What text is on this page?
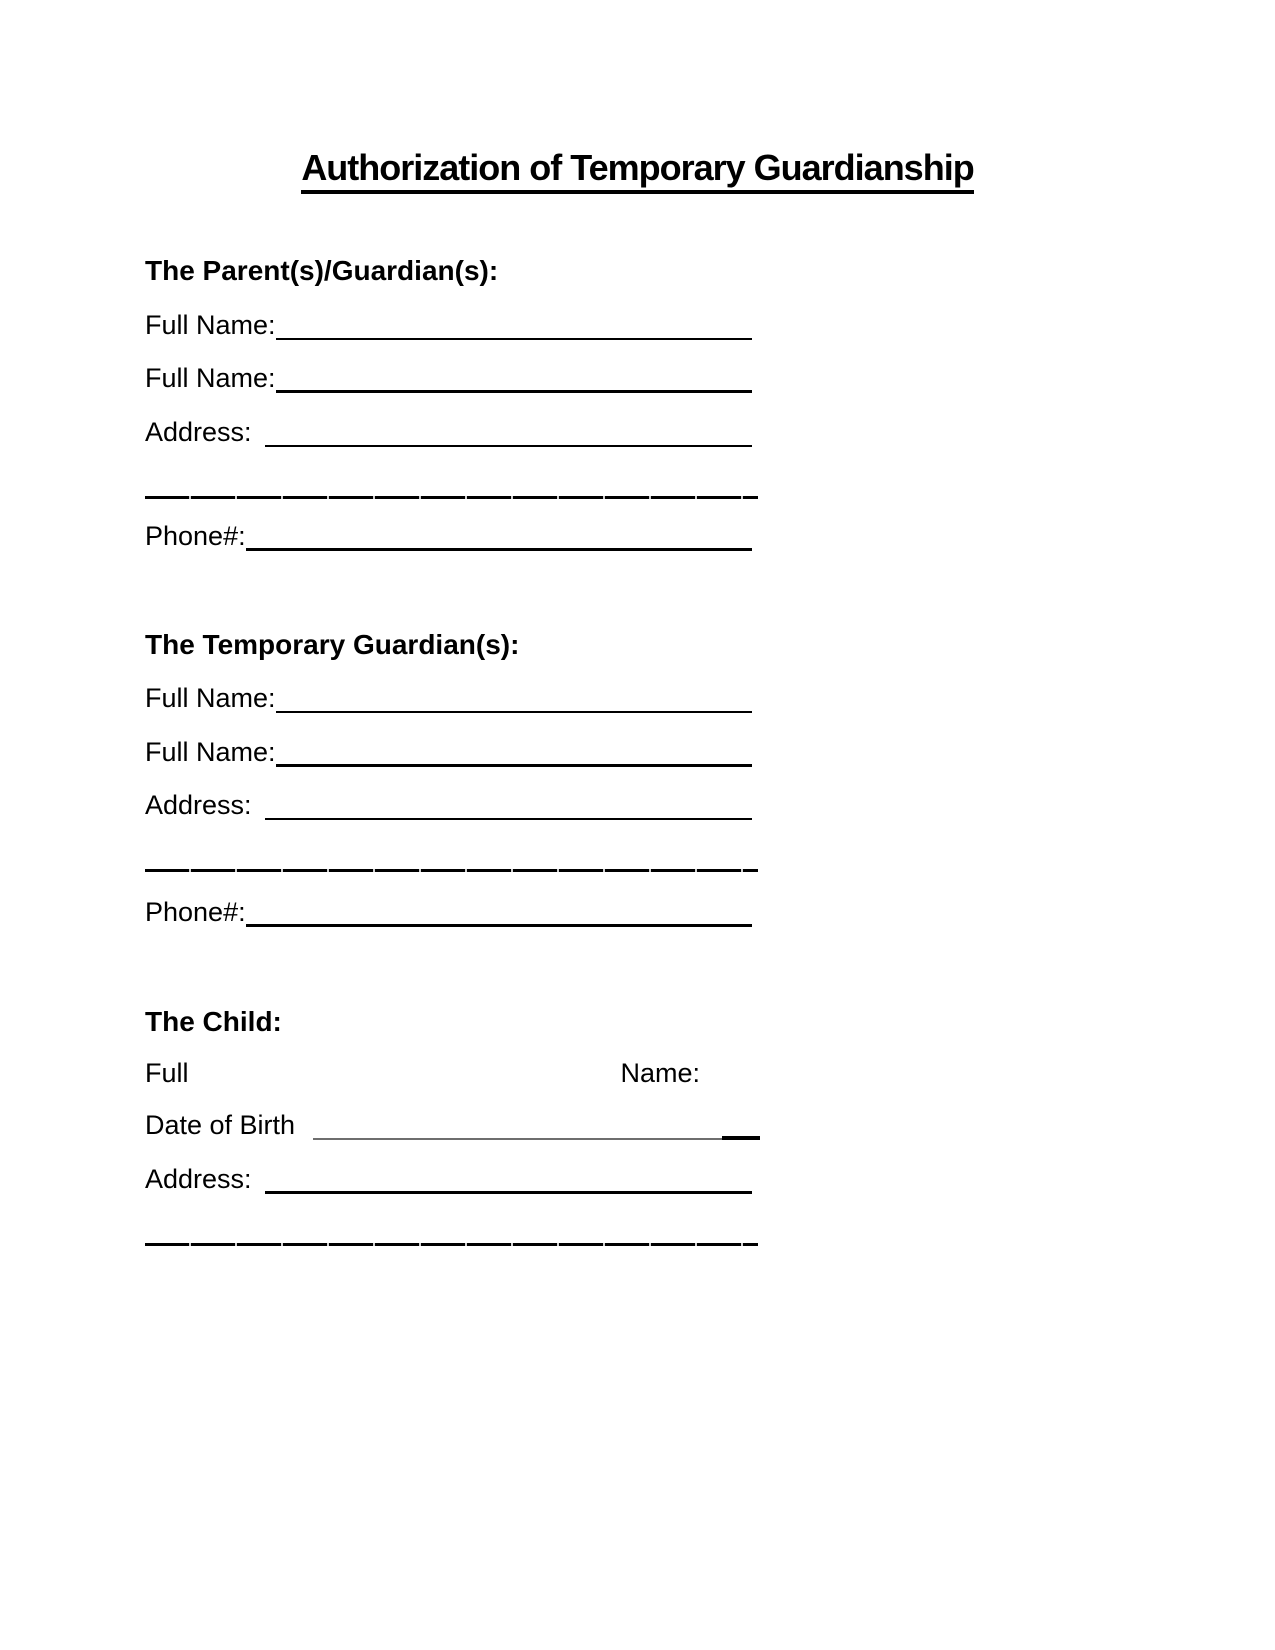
Authorization of Temporary Guardianship
The Parent(s)/Guardian(s):
Full Name:
Full Name:
Address:
Phone#:
The Temporary Guardian(s):
Full Name:
Full Name:
Address:
Phone#:
The Child:
Full	Name:
Date of Birth
Address:
